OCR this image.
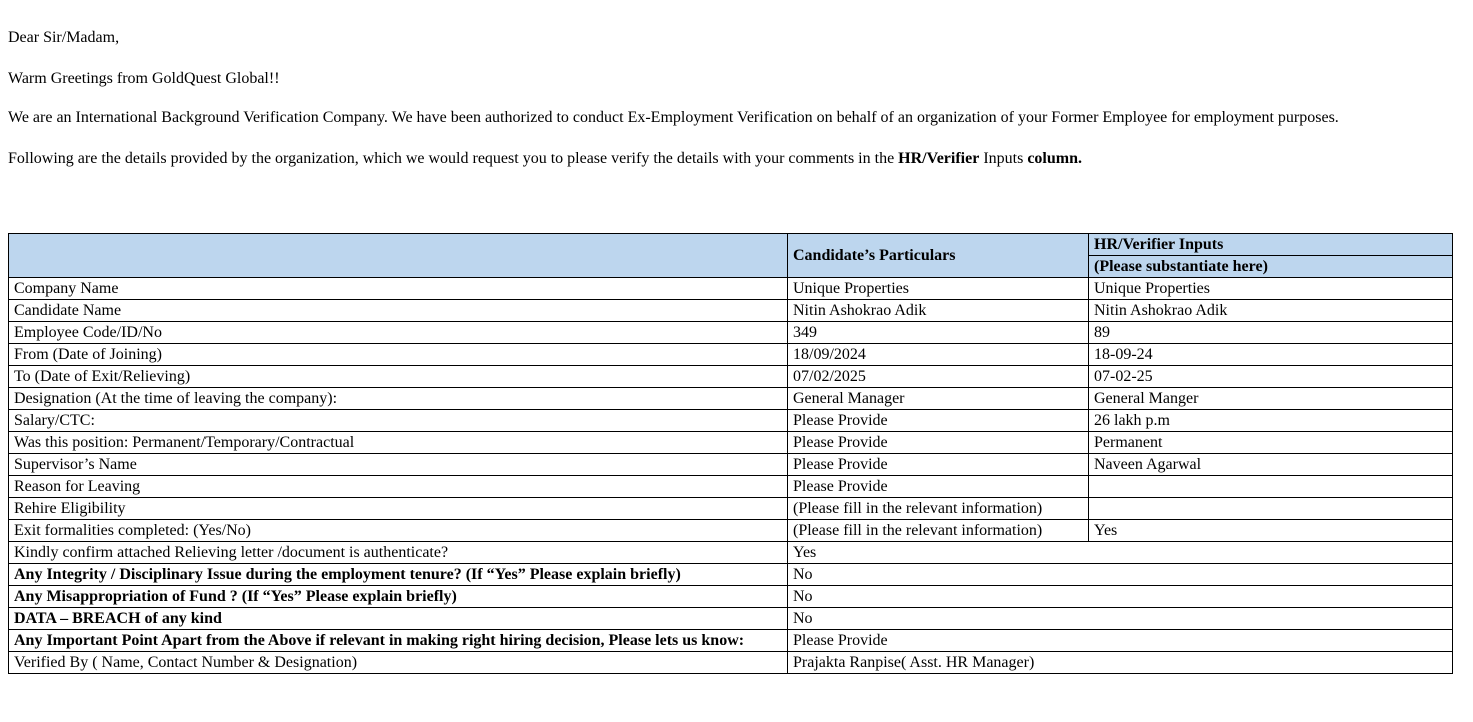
Dear Sir/Madam,
Warm Greetings from GoldQuest Global!!
We are an International Background Verification Company. We have been authorized to conduct Ex-Employment Verification on behalf of an organization of your Former Employee for employment purposes.
Following are the details provided by the organization, which we would request you to please verify the details with your comments in the HR/Verifier Inputs column.
	Candidate’s Particulars	HR/Verifier Inputs
		(Please substantiate here)
Company Name	Unique Properties	Unique Properties
Candidate Name	Nitin Ashokrao Adik	Nitin Ashokrao Adik
Employee Code/ID/No	349	89
From (Date of Joining)	18/09/2024	18-09-24
To (Date of Exit/Relieving)	07/02/2025	07-02-25
Designation (At the time of leaving the company):	General Manager	General Manger
Salary/CTC:	Please Provide	26 lakh p.m
Was this position: Permanent/Temporary/Contractual	Please Provide	Permanent
Supervisor’s Name	Please Provide	Naveen Agarwal
Reason for Leaving	Please Provide	
Rehire Eligibility	(Please fill in the relevant information)	
Exit formalities completed: (Yes/No)	(Please fill in the relevant information)	Yes
Kindly confirm attached Relieving letter /document is authenticate?	Yes	
Any Integrity / Disciplinary Issue during the employment tenure? (If “Yes” Please explain briefly)	No	
Any Misappropriation of Fund ? (If “Yes” Please explain briefly)	No	
DATA – BREACH of any kind	No	
Any Important Point Apart from the Above if relevant in making right hiring decision, Please lets us know:	Please Provide	
Verified By ( Name, Contact Number & Designation)	Prajakta Ranpise( Asst. HR Manager)	
